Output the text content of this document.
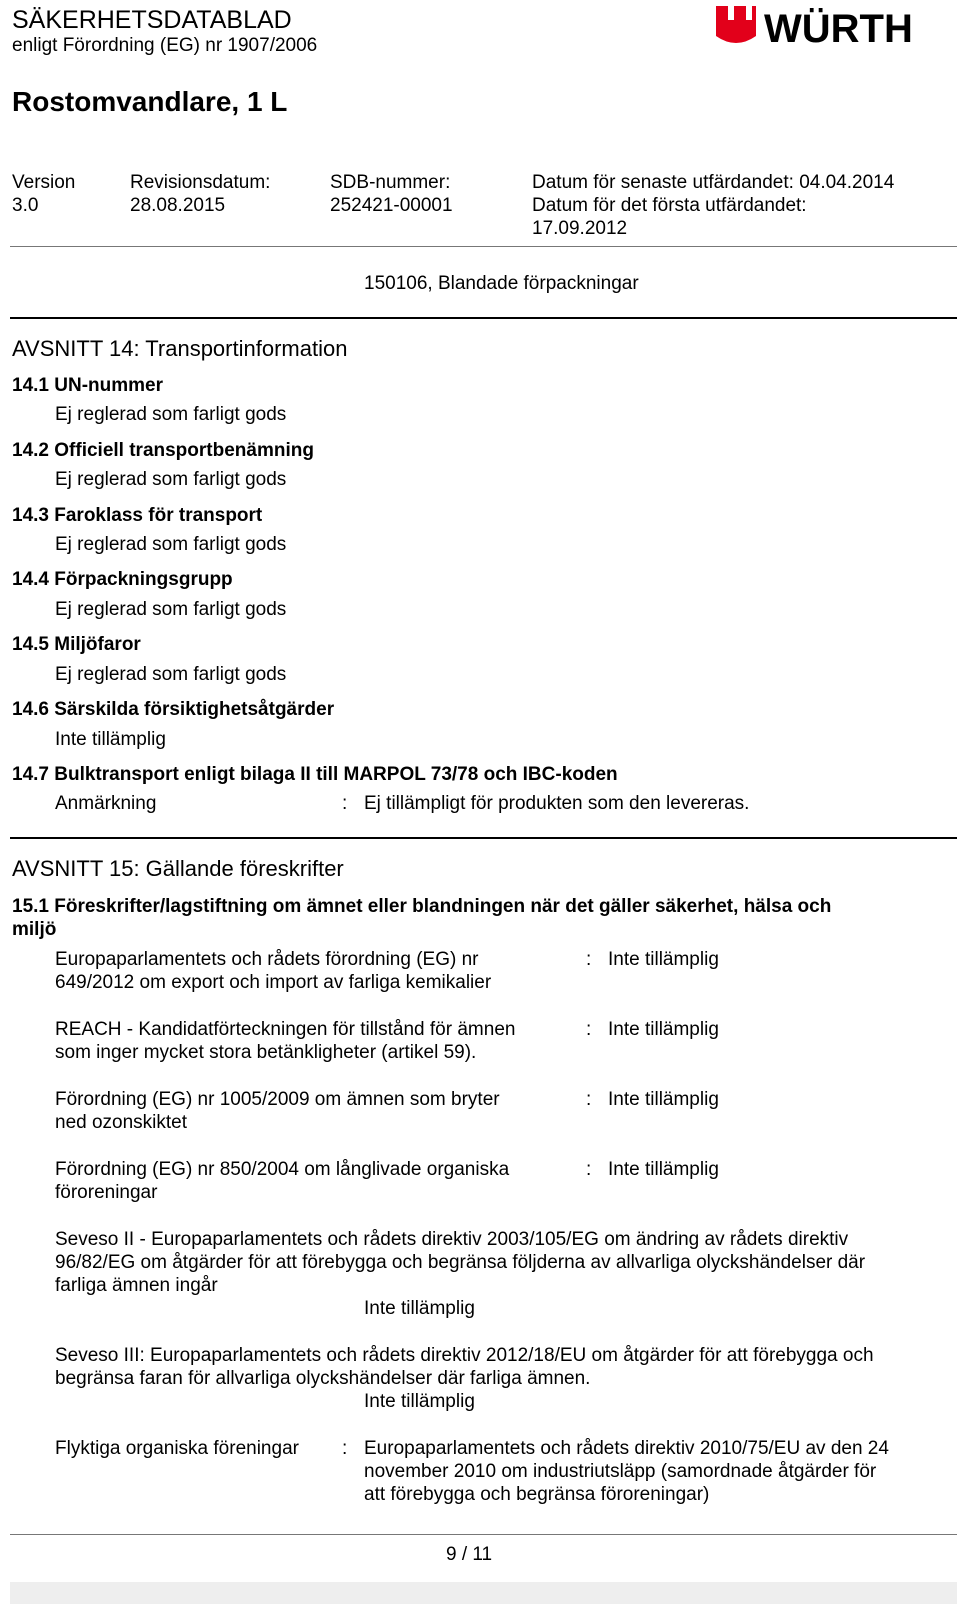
SÄKERHETSDATABLAD
enligt Förordning (EG) nr 1907/2006	WÜRTH
Rostomvandlare, 1 L
Version
3.0
Revisionsdatum:
28.08.2015
SDB-nummer:
252421-00001
Datum för senaste utfärdandet: 04.04.2014
Datum för det första utfärdandet:
17.09.2012
150106, Blandade förpackningar
AVSNITT 14: Transportinformation
14.1 UN-nummer
Ej reglerad som farligt gods
14.2 Officiell transportbenämning
Ej reglerad som farligt gods
14.3 Faroklass för transport
Ej reglerad som farligt gods
14.4 Förpackningsgrupp
Ej reglerad som farligt gods
14.5 Miljöfaror
Ej reglerad som farligt gods
14.6 Särskilda försiktighetsåtgärder
Inte tillämplig
14.7 Bulktransport enligt bilaga II till MARPOL 73/78 och IBC-koden
Anmärkning	: Ej tillämpligt för produkten som den levereras.
AVSNITT 15: Gällande föreskrifter
15.1 Föreskrifter/lagstiftning om ämnet eller blandningen när det gäller säkerhet, hälsa och
miljö
Europaparlamentets och rådets förordning (EG) nr
649/2012 om export och import av farliga kemikalier
: Inte tillämplig
REACH - Kandidatförteckningen för tillstånd för ämnen
som inger mycket stora betänkligheter (artikel 59).
: Inte tillämplig
Förordning (EG) nr 1005/2009 om ämnen som bryter
ned ozonskiktet
: Inte tillämplig
Förordning (EG) nr 850/2004 om långlivade organiska
föroreningar
: Inte tillämplig
Seveso II - Europaparlamentets och rådets direktiv 2003/105/EG om ändring av rådets direktiv
96/82/EG om åtgärder för att förebygga och begränsa följderna av allvarliga olyckshändelser där
farliga ämnen ingår
Inte tillämplig
Seveso III: Europaparlamentets och rådets direktiv 2012/18/EU om åtgärder för att förebygga och
begränsa faran för allvarliga olyckshändelser där farliga ämnen.
Inte tillämplig
Flyktiga organiska föreningar : Europaparlamentets och rådets direktiv 2010/75/EU av den 24
november 2010 om industriutsläpp (samordnade åtgärder för
att förebygga och begränsa föroreningar)
9 / 11
